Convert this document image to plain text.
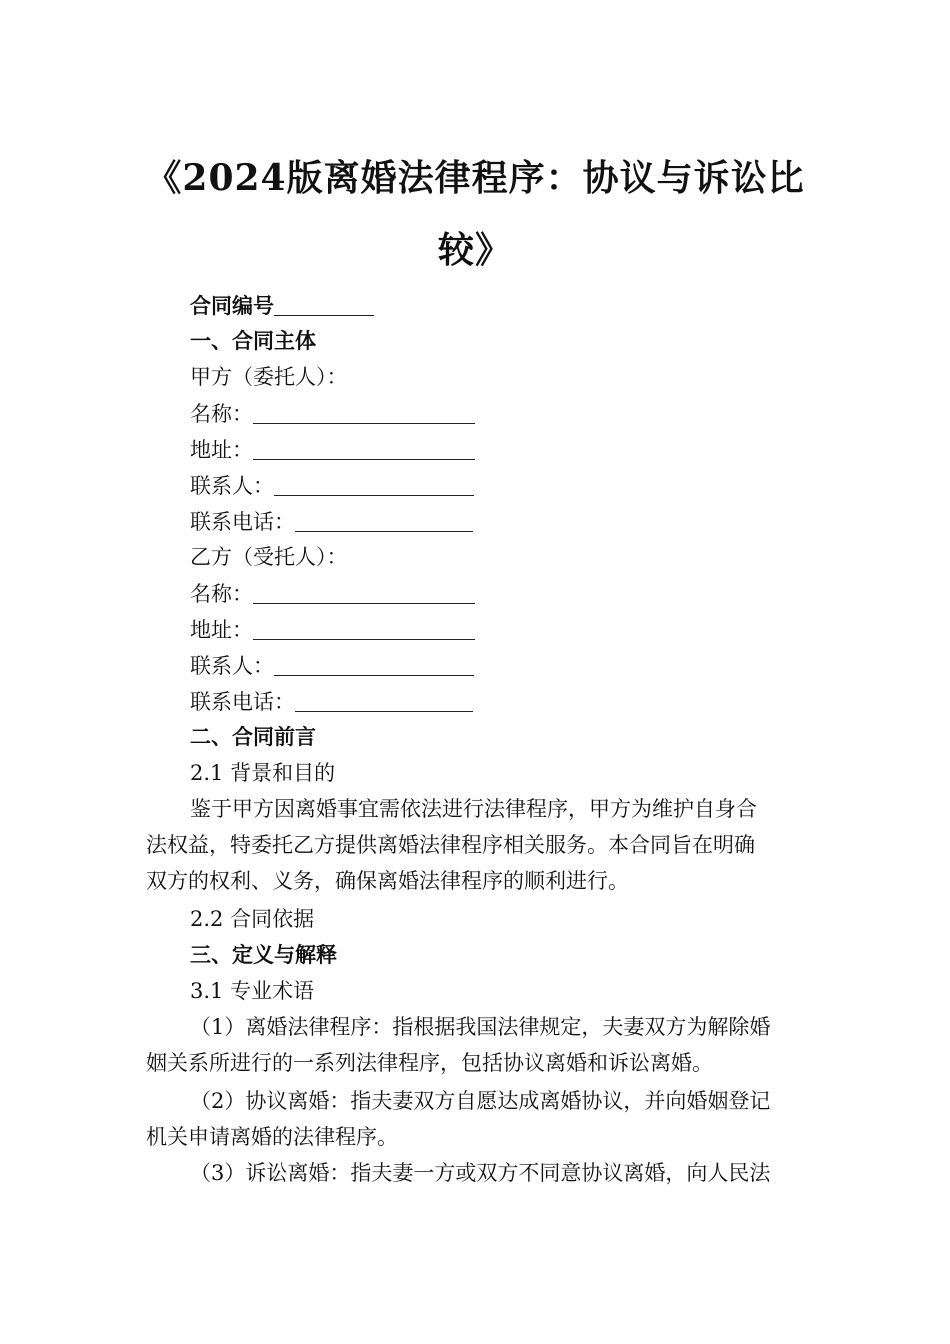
《2024版离婚法律程序：协议与诉讼比
较》
合同编号
一、合同主体
甲方（委托人）：
名称：
地址：
联系人：
联系电话：
乙方（受托人）：
名称：
地址：
联系人：
联系电话：
二、合同前言
2.1 背景和目的
鉴于甲方因离婚事宜需依法进行法律程序，甲方为维护自身合
法权益，特委托乙方提供离婚法律程序相关服务。本合同旨在明确
双方的权利、义务，确保离婚法律程序的顺利进行。
2.2 合同依据
三、定义与解释
3.1 专业术语
（1）离婚法律程序：指根据我国法律规定，夫妻双方为解除婚
姻关系所进行的一系列法律程序，包括协议离婚和诉讼离婚。
（2）协议离婚：指夫妻双方自愿达成离婚协议，并向婚姻登记
机关申请离婚的法律程序。
（3）诉讼离婚：指夫妻一方或双方不同意协议离婚，向人民法
